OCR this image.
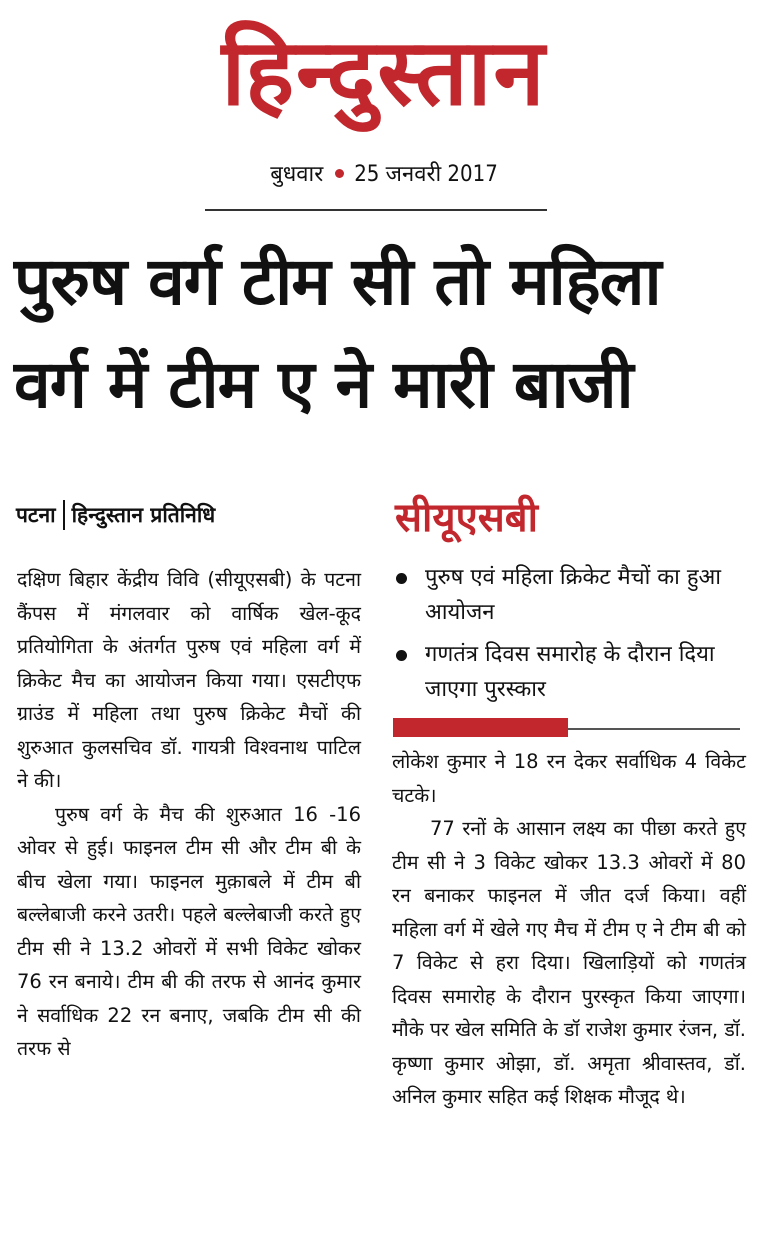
हिन्दुस्तान
बुधवार 25 जनवरी 2017
पुरुष वर्ग टीम सी तो महिला
वर्ग में टीम ए ने मारी बाजी
पटना हिन्दुस्तान प्रतिनिधि

दक्षिण बिहार केंद्रीय विवि (सीयूएसबी) के पटना कैंपस में मंगलवार को वार्षिक खेल-कूद प्रतियोगिता के अंतर्गत पुरुष एवं महिला वर्ग में क्रिकेट मैच का आयोजन किया गया। एसटीएफ ग्राउंड में महिला तथा पुरुष क्रिकेट मैचों की शुरुआत कुलसचिव डॉ. गायत्री विश्वनाथ पाटिल ने की।

पुरुष वर्ग के मैच की शुरुआत 16 -16 ओवर से हुई। फाइनल टीम सी और टीम बी के बीच खेला गया। फाइनल मुक़ाबले में टीम बी बल्लेबाजी करने उतरी। पहले बल्लेबाजी करते हुए टीम सी ने 13.2 ओवरों में सभी विकेट खोकर 76 रन बनाये। टीम बी की तरफ से आनंद कुमार ने सर्वाधिक 22 रन बनाए, जबकि टीम सी की तरफ से

सीयूएसबी
पुरुष एवं महिला क्रिकेट मैचों का हुआ आयोजन
गणतंत्र दिवस समारोह के दौरान दिया जाएगा पुरस्कार

लोकेश कुमार ने 18 रन देकर सर्वाधिक 4 विकेट चटके।

77 रनों के आसान लक्ष्य का पीछा करते हुए टीम सी ने 3 विकेट खोकर 13.3 ओवरों में 80 रन बनाकर फाइनल में जीत दर्ज किया। वहीं महिला वर्ग में खेले गए मैच में टीम ए ने टीम बी को 7 विकेट से हरा दिया। खिलाड़ियों को गणतंत्र दिवस समारोह के दौरान पुरस्कृत किया जाएगा। मौके पर खेल समिति के डॉ राजेश कुमार रंजन, डॉ. कृष्णा कुमार ओझा, डॉ. अमृता श्रीवास्तव, डॉ. अनिल कुमार सहित कई शिक्षक मौजूद थे।
